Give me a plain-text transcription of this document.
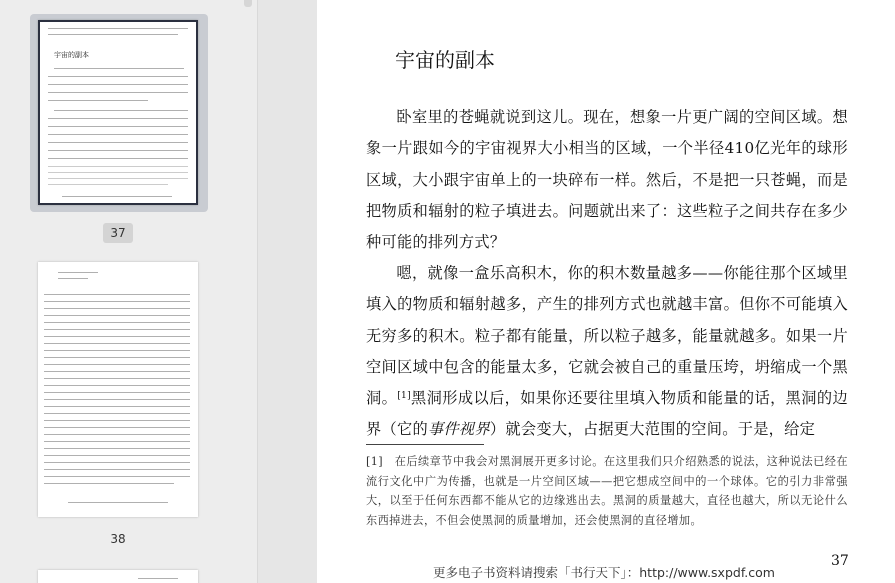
宇宙的副本
37
38
宇宙的副本
卧室里的苍蝇就说到这儿。现在，想象一片更广阔的空间区域。想象一片跟如今的宇宙视界大小相当的区域，一个半径410亿光年的球形区域，大小跟宇宙单上的一块碎布一样。然后，不是把一只苍蝇，而是把物质和辐射的粒子填进去。问题就出来了：这些粒子之间共存在多少种可能的排列方式？
嗯，就像一盒乐高积木，你的积木数量越多——你能往那个区域里填入的物质和辐射越多，产生的排列方式也就越丰富。但你不可能填入无穷多的积木。粒子都有能量，所以粒子越多，能量就越多。如果一片空间区域中包含的能量太多，它就会被自己的重量压垮，坍缩成一个黑洞。[1]黑洞形成以后，如果你还要往里填入物质和能量的话，黑洞的边界（它的事件视界）就会变大，占据更大范围的空间。于是，给定
[1]　在后续章节中我会对黑洞展开更多讨论。在这里我们只介绍熟悉的说法，这种说法已经在流行文化中广为传播，也就是一片空间区域——把它想成空间中的一个球体。它的引力非常强大，以至于任何东西都不能从它的边缘逃出去。黑洞的质量越大，直径也越大，所以无论什么东西掉进去，不但会使黑洞的质量增加，还会使黑洞的直径增加。
37
更多电子书资料请搜索「书行天下」：http://www.sxpdf.com
